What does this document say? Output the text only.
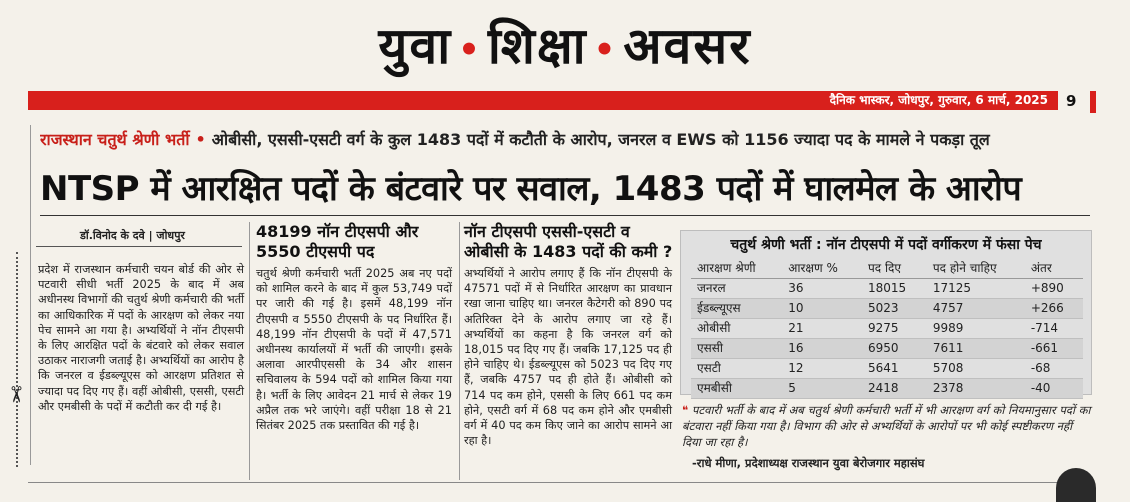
युवा • शिक्षा • अवसर
दैनिक भास्कर, जोधपुर, गुरुवार, 6 मार्च, 2025	9
राजस्थान चतुर्थ श्रेणी भर्ती • ओबीसी, एससी-एसटी वर्ग के कुल 1483 पदों में कटौती के आरोप, जनरल व EWS को 1156 ज्यादा पद के मामले ने पकड़ा तूल
NTSP में आरक्षित पदों के बंटवारे पर सवाल, 1483 पदों में घालमेल के आरोप
डॉ.विनोद के दवे | जोधपुर
✂
प्रदेश में राजस्थान कर्मचारी चयन बोर्ड की ओर से पटवारी सीधी भर्ती 2025 के बाद में अब अधीनस्थ विभागों की चतुर्थ श्रेणी कर्मचारी की भर्ती का आधिकारिक में पदों के आरक्षण को लेकर नया पेच सामने आ गया है। अभ्यर्थियों ने नॉन टीएसपी के लिए आरक्षित पदों के बंटवारे को लेकर सवाल उठाकर नाराजगी जताई है। अभ्यर्थियों का आरोप है कि जनरल व ईडब्ल्यूएस को आरक्षण प्रतिशत से ज्यादा पद दिए गए हैं। वहीं ओबीसी, एससी, एसटी और एमबीसी के पदों में कटौती कर दी गई है।
48199 नॉन टीएसपी और 5550 टीएसपी पद
चतुर्थ श्रेणी कर्मचारी भर्ती 2025 अब नए पदों को शामिल करने के बाद में कुल 53,749 पदों पर जारी की गई है। इसमें 48,199 नॉन टीएसपी व 5550 टीएसपी के पद निर्धारित हैं। 48,199 नॉन टीएसपी के पदों में 47,571 अधीनस्थ कार्यालयों में भर्ती की जाएगी। इसके अलावा आरपीएससी के 34 और शासन सचिवालय के 594 पदों को शामिल किया गया है। भर्ती के लिए आवेदन 21 मार्च से लेकर 19 अप्रैल तक भरे जाएंगे। वहीं परीक्षा 18 से 21 सितंबर 2025 तक प्रस्तावित की गई है।
नॉन टीएसपी एससी-एसटी व ओबीसी के 1483 पदों की कमी ?
अभ्यर्थियों ने आरोप लगाए हैं कि नॉन टीएसपी के 47571 पदों में से निर्धारित आरक्षण का प्रावधान रखा जाना चाहिए था। जनरल कैटेगरी को 890 पद अतिरिक्त देने के आरोप लगाए जा रहे हैं। अभ्यर्थियों का कहना है कि जनरल वर्ग को 18,015 पद दिए गए हैं। जबकि 17,125 पद ही होने चाहिए थे। ईडब्ल्यूएस को 5023 पद दिए गए हैं, जबकि 4757 पद ही होते हैं। ओबीसी को 714 पद कम होने, एससी के लिए 661 पद कम होने, एसटी वर्ग में 68 पद कम होने और एमबीसी वर्ग में 40 पद कम किए जाने का आरोप सामने आ रहा है।
चतुर्थ श्रेणी भर्ती : नॉन टीएसपी में पदों वर्गीकरण में फंसा पेच
आरक्षण श्रेणी	आरक्षण %	पद दिए	पद होने चाहिए	अंतर
जनरल	36	18015	17125	+890
ईडब्ल्यूएस	10	5023	4757	+266
ओबीसी	21	9275	9989	-714
एससी	16	6950	7611	-661
एसटी	12	5641	5708	-68
एमबीसी	5	2418	2378	-40
❝ पटवारी भर्ती के बाद में अब चतुर्थ श्रेणी कर्मचारी भर्ती में भी आरक्षण वर्ग को नियमानुसार पदों का बंटवारा नहीं किया गया है। विभाग की ओर से अभ्यर्थियों के आरोपों पर भी कोई स्पष्टीकरण नहीं दिया जा रहा है।
-राधे मीणा, प्रदेशाध्यक्ष राजस्थान युवा बेरोजगार महासंघ
